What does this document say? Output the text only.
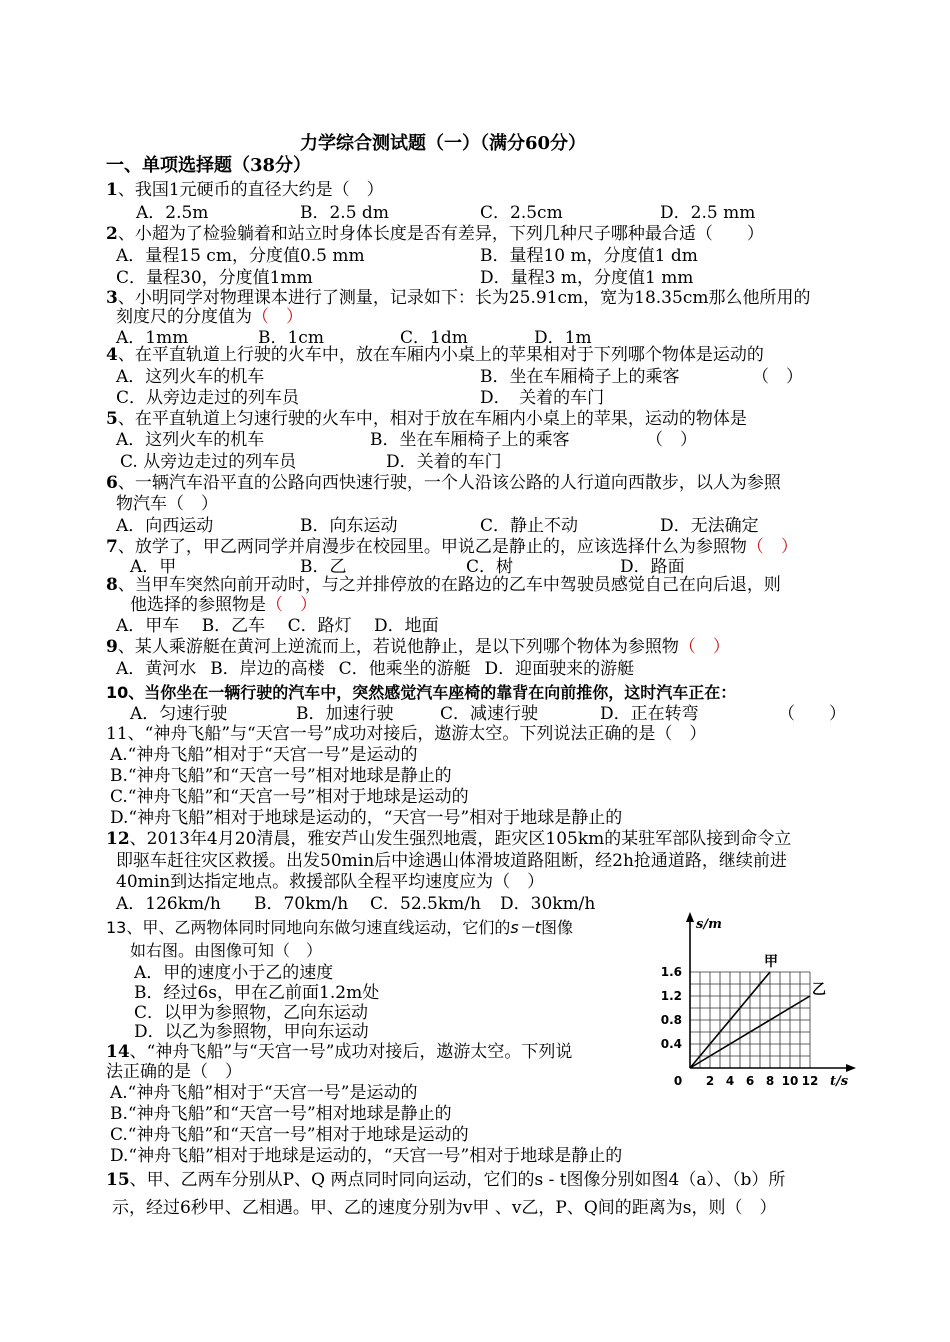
力学综合测试题（一）（满分60分）
一、单项选择题（38分）
1、我国1元硬币的直径大约是（　）
A．2.5m	B．2.5 dm	C．2.5cm	D．2.5 mm
2、小超为了检验躺着和站立时身体长度是否有差异，下列几种尺子哪种最合适（　　）
A．量程15 cm，分度值0.5 mm	B．量程10 m，分度值1 dm
C．量程30，分度值1mm	D．量程3 m，分度值1 mm
3、小明同学对物理课本进行了测量，记录如下：长为25.91cm，宽为18.35cm那么他所用的
刻度尺的分度值为（　）
A．1mm	B．1cm	C．1dm	D．1m
4、在平直轨道上行驶的火车中，放在车厢内小桌上的苹果相对于下列哪个物体是运动的
A．这列火车的机车	B．坐在车厢椅子上的乘客	（　）
C．从旁边走过的列车员	D．　关着的车门
5、在平直轨道上匀速行驶的火车中，相对于放在车厢内小桌上的苹果，运动的物体是
A．这列火车的机车	B．坐在车厢椅子上的乘客	（　）
C. 从旁边走过的列车员	D．关着的车门
6、一辆汽车沿平直的公路向西快速行驶，一个人沿该公路的人行道向西散步，以人为参照
物汽车（　）
A．向西运动	B．向东运动	C．静止不动	D．无法确定
7、放学了，甲乙两同学并肩漫步在校园里。甲说乙是静止的，应该选择什么为参照物（　）
A．甲	B．乙	C．树	D．路面
8、当甲车突然向前开动时，与之并排停放的在路边的乙车中驾驶员感觉自己在向后退，则
他选择的参照物是（　）
A．甲车  B．乙车  C．路灯  D．地面
9、某人乘游艇在黄河上逆流而上，若说他静止，是以下列哪个物体为参照物（　）
A．黄河水  B．岸边的高楼  C．他乘坐的游艇  D．迎面驶来的游艇
10、当你坐在一辆行驶的汽车中，突然感觉汽车座椅的靠背在向前推你，这时汽车正在：
A．匀速行驶	B．加速行驶	C．减速行驶	D．正在转弯	（　　）
11、“神舟飞船”与“天宫一号”成功对接后，遨游太空。下列说法正确的是（　）
A.“神舟飞船”相对于“天宫一号”是运动的
B.“神舟飞船”和“天宫一号”相对地球是静止的
C.“神舟飞船”和“天宫一号”相对于地球是运动的
D.“神舟飞船”相对于地球是运动的，“天宫一号”相对于地球是静止的
12、2013年4月20清晨，雅安芦山发生强烈地震，距灾区105km的某驻军部队接到命令立
即驱车赶往灾区救援。出发50min后中途遇山体滑坡道路阻断，经2h抢通道路，继续前进
40min到达指定地点。救援部队全程平均速度应为（　）
A．126km/h B．70km/h C．52.5km/h D．30km/h
13、甲、乙两物体同时同地向东做匀速直线运动，它们的s－t图像
如右图。由图像可知（　）
A．甲的速度小于乙的速度
B．经过6s，甲在乙前面1.2m处
C．以甲为参照物，乙向东运动
D．以乙为参照物，甲向东运动
甲
乙
0 2 4 6 8 10 12
0.4
0.8
1.2
1.6
s/m
t/s
14、“神舟飞船”与“天宫一号”成功对接后，遨游太空。下列说
法正确的是（　）
A.“神舟飞船”相对于“天宫一号”是运动的
B.“神舟飞船”和“天宫一号”相对地球是静止的
C.“神舟飞船”和“天宫一号”相对于地球是运动的
D.“神舟飞船”相对于地球是运动的，“天宫一号”相对于地球是静止的
15、甲、乙两车分别从P、Q 两点同时同向运动，它们的s - t图像分别如图4（a）、（b）所
示，经过6秒甲、乙相遇。甲、乙的速度分别为v甲 、v乙，P、Q间的距离为s，则（　）
